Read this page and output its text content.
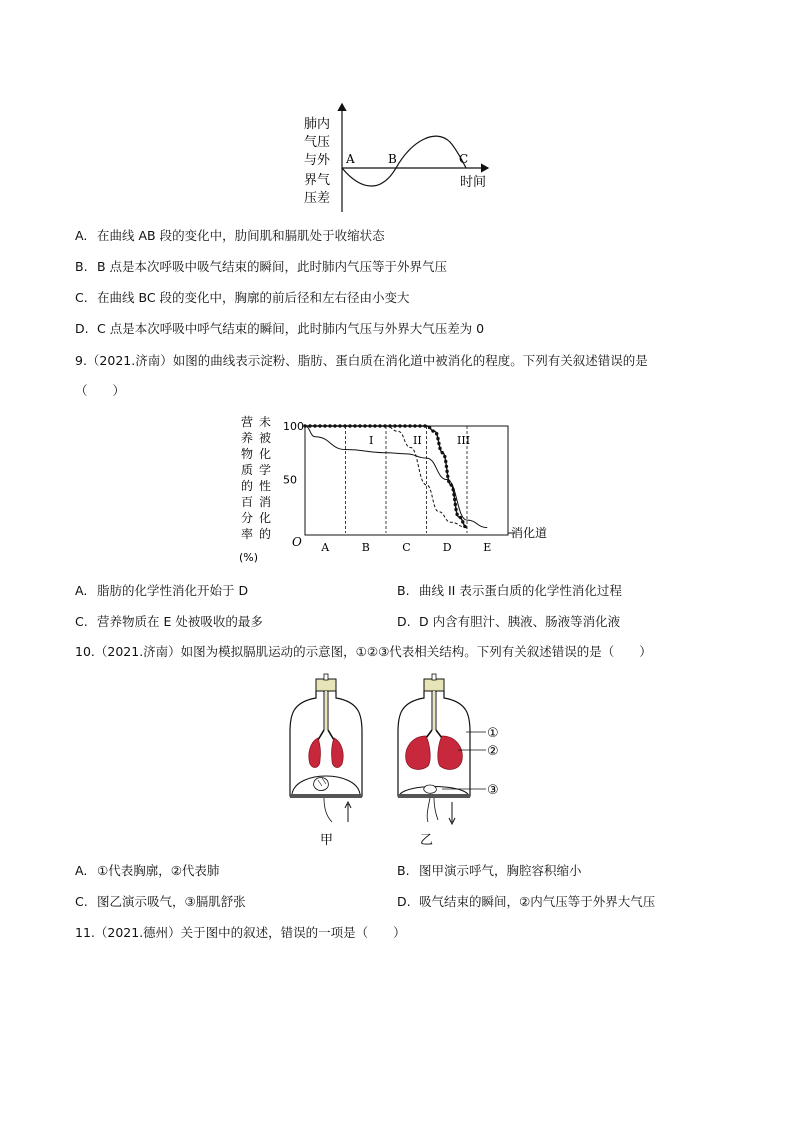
肺内
气压
与外
界气
压差
A	B	C
时间
A. 在曲线 AB 段的变化中，肋间肌和膈肌处于收缩状态
B. B 点是本次呼吸中吸气结束的瞬间，此时肺内气压等于外界气压
C. 在曲线 BC 段的变化中，胸廓的前后径和左右径由小变大
D. C 点是本次呼吸中呼气结束的瞬间，此时肺内气压与外界大气压差为 0
9.（2021.济南）如图的曲线表示淀粉、脂肪、蛋白质在消化道中被消化的程度。下列有关叙述错误的是
（　　）
营
养
物
质
的
百
分
率
未
被
化
学
性
消
化
的
(%)
100
50
A	B	C	D	E
O
消化道
I	II	III
A. 脂肪的化学性消化开始于 D	B. 曲线 II 表示蛋白质的化学性消化过程
C. 营养物质在 E 处被吸收的最多	D. D 内含有胆汁、胰液、肠液等消化液
10.（2021.济南）如图为模拟膈肌运动的示意图，①②③代表相关结构。下列有关叙述错误的是（　　）
甲	乙
①
②
③
A. ①代表胸廓，②代表肺	B. 图甲演示呼气，胸腔容积缩小
C. 图乙演示吸气，③膈肌舒张	D. 吸气结束的瞬间，②内气压等于外界大气压
11.（2021.德州）关于图中的叙述，错误的一项是（　　）
